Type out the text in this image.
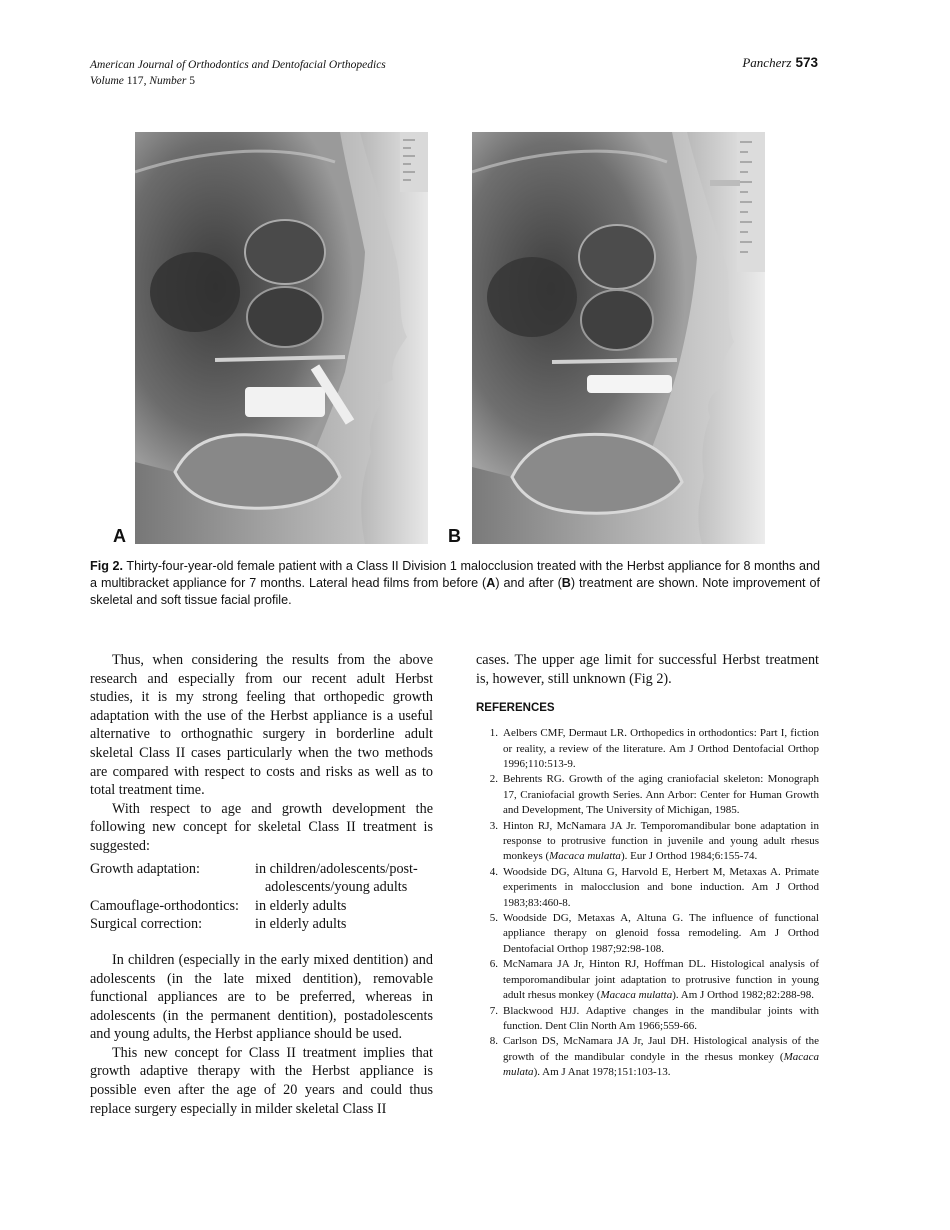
American Journal of Orthodontics and Dentofacial Orthopedics
Volume 117, Number 5
Pancherz 573
A	B
Fig 2. Thirty-four-year-old female patient with a Class II Division 1 malocclusion treated with the Herbst appliance for 8 months and a multibracket appliance for 7 months. Lateral head films from before (A) and after (B) treatment are shown. Note improvement of skeletal and soft tissue facial profile.

Thus, when considering the results from the above research and especially from our recent adult Herbst studies, it is my strong feeling that orthopedic growth adaptation with the use of the Herbst appliance is a useful alternative to orthognathic surgery in borderline adult skeletal Class II cases particularly when the two methods are compared with respect to costs and risks as well as to total treatment time.

With respect to age and growth development the following new concept for skeletal Class II treatment is suggested:

Growth adaptation:	in children/adolescents/post-
adolescents/young adults
Camouflage-orthodontics:	in elderly adults
Surgical correction:	in elderly adults

In children (especially in the early mixed dentition) and adolescents (in the late mixed dentition), removable functional appliances are to be preferred, whereas in adolescents (in the permanent dentition), postadolescents and young adults, the Herbst appliance should be used.

This new concept for Class II treatment implies that growth adaptive therapy with the Herbst appliance is possible even after the age of 20 years and could thus replace surgery especially in milder skeletal Class II

cases. The upper age limit for successful Herbst treatment is, however, still unknown (Fig 2).

REFERENCES
1. Aelbers CMF, Dermaut LR. Orthopedics in orthodontics: Part I, fiction or reality, a review of the literature. Am J Orthod Dentofacial Orthop 1996;110:513-9.
2. Behrents RG. Growth of the aging craniofacial skeleton: Monograph 17, Craniofacial growth Series. Ann Arbor: Center for Human Growth and Development, The University of Michigan, 1985.
3. Hinton RJ, McNamara JA Jr. Temporomandibular bone adaptation in response to protrusive function in juvenile and young adult rhesus monkeys (Macaca mulatta). Eur J Orthod 1984;6:155-74.
4. Woodside DG, Altuna G, Harvold E, Herbert M, Metaxas A. Primate experiments in malocclusion and bone induction. Am J Orthod 1983;83:460-8.
5. Woodside DG, Metaxas A, Altuna G. The influence of functional appliance therapy on glenoid fossa remodeling. Am J Orthod Dentofacial Orthop 1987;92:98-108.
6. McNamara JA Jr, Hinton RJ, Hoffman DL. Histological analysis of temporomandibular joint adaptation to protrusive function in young adult rhesus monkey (Macaca mulatta). Am J Orthod 1982;82:288-98.
7. Blackwood HJJ. Adaptive changes in the mandibular joints with function. Dent Clin North Am 1966;559-66.
8. Carlson DS, McNamara JA Jr, Jaul DH. Histological analysis of the growth of the mandibular condyle in the rhesus monkey (Macaca mulata). Am J Anat 1978;151:103-13.
